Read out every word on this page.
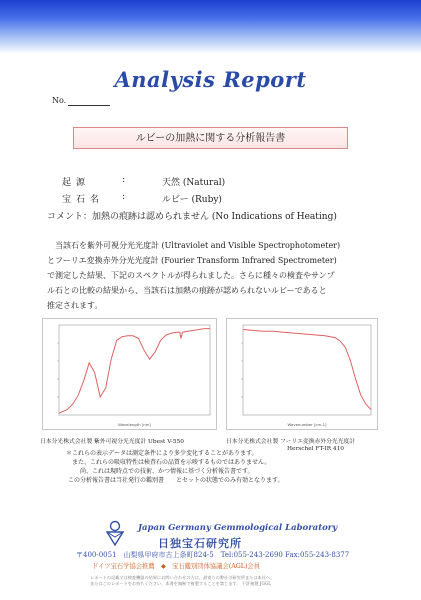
Analysis Report
No.
ルビーの加熱に関する分析報告書
起源	:	天然 (Natural)
宝石名	:	ルビー (Ruby)
コメント：加熱の痕跡は認められません (No Indications of Heating)

当該石を紫外可視分光光度計 (Ultraviolet and Visible Spectrophotometer)

とフーリエ変換赤外分光光度計 (Fourier Transform Infrared Spectrometer)

で測定した結果、下記のスペクトルが得られました。さらに種々の検査やサンプ

ル石との比較の結果から、当該石は加熱の痕跡が認められないルビーであると

推定されます。

Wavelength [nm]	Wavenumber [cm-1]
日本分光株式会社製 紫外可視分光光度計 Ubest V-550	日本分光株式会社製 フーリエ変換赤外分光光度計
Herschel FT-IR 410

＊これらの表示データは測定条件により多少変化することがあります。

また、これらの吸収特性は検査石の品質を示唆するものではありません。

尚、これは現時点での技術、かつ情報に基づく分析報告書です。

この分析報告書は当社発行の鑑別書　　とセットの状態でのみ有効となります。

Japan Germany Gemmological Laboratory
日独宝石研究所
〒400-0051　山梨県甲府市古上条町824-5　Tel:055-243-2690 Fax:055-243-8377
ドイツ宝石学協会推薦　◆　宝石鑑別団体協議会(AGL)会員

レポートの記載又は検査機器の結果にお問い合わせの方は、最寄りの弊社の研究所または本社へ。

またはこのレポートをお持ちください。本書を無断で複製することを禁じます。 不許複製 JGGL
